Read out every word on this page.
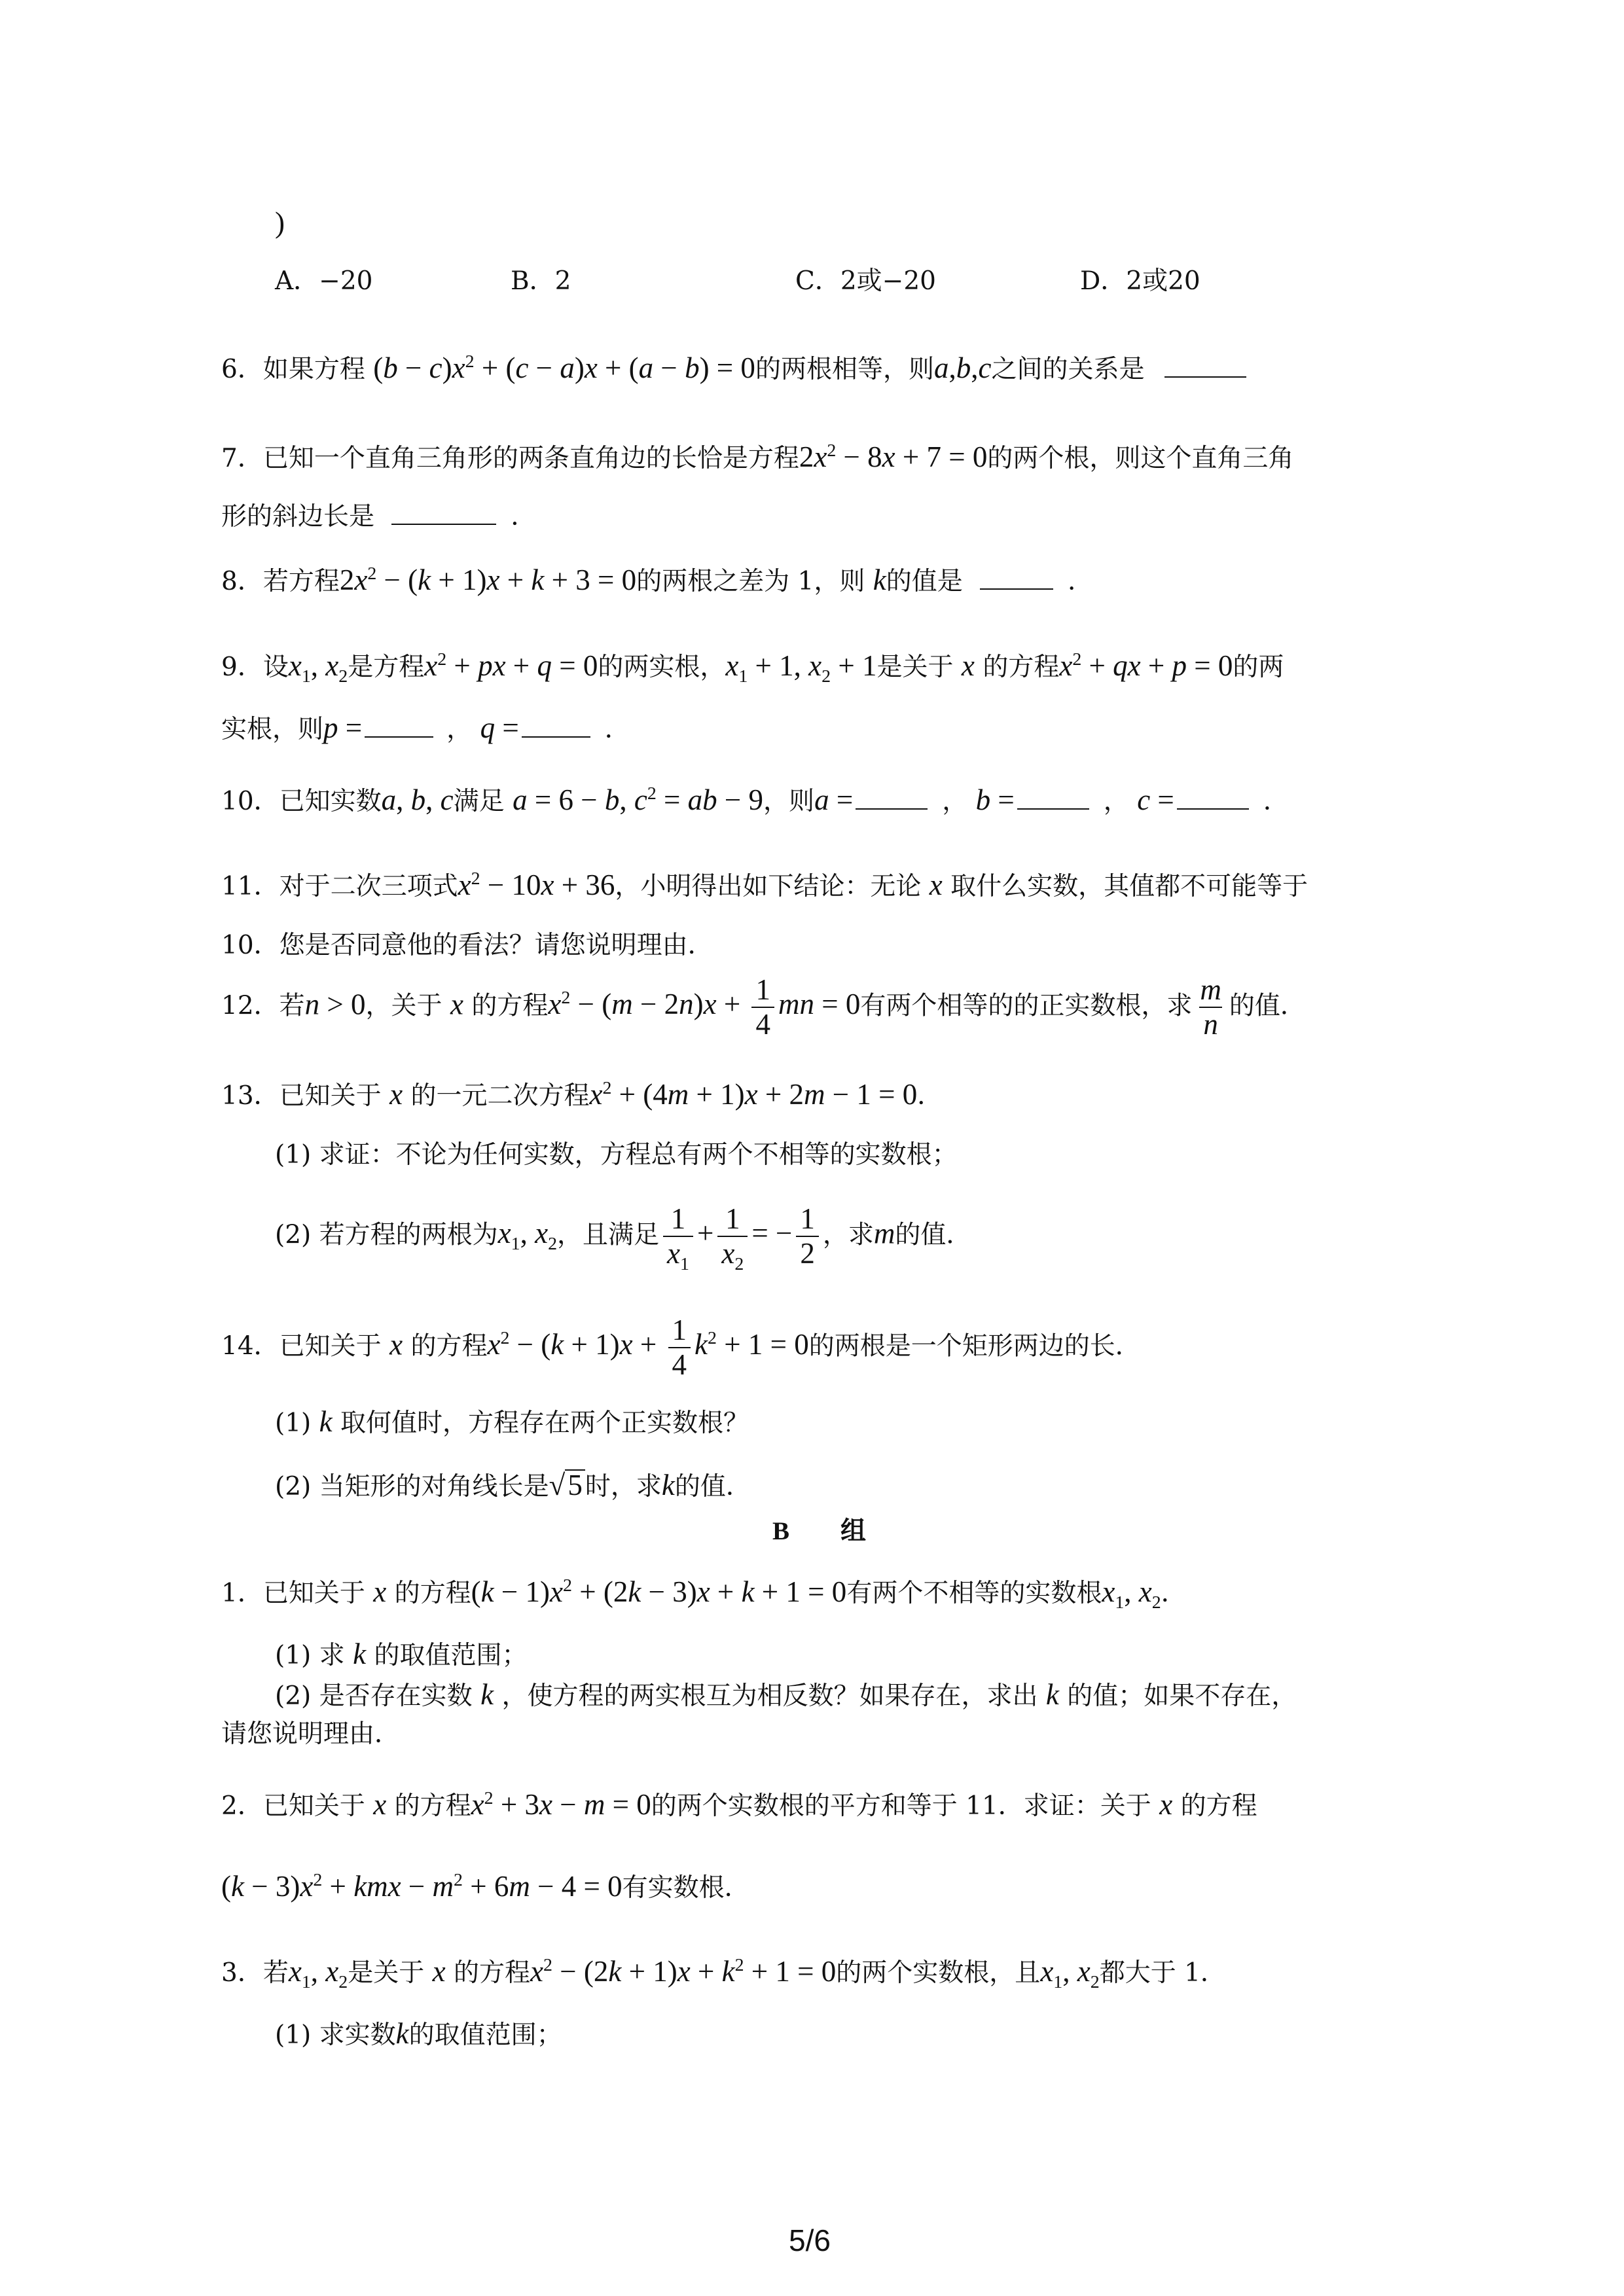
)
A．−20	B．2	C．2或−20	D．2或20
6．如果方程 $(b - c)x^2 + (c - a)x + (a - b) = 0$的两根相等，则a,b,c之间的关系是
7．已知一个直角三角形的两条直角边的长恰是方程$2x^2 - 8x + 7 = 0$的两个根，则这个直角三角
形的斜边长是	．
8．若方程$2x^2 - (k + 1)x + k + 3 = 0$的两根之差为 1，则 k的值是	．
9．设$x_1$, $x_2$是方程$x^2$ + px + q = 0的两实根，$x_1 + 1$, $x_2 + 1$是关于 x 的方程$x^2$ + qx + p = 0的两
实根，则p =	， q =	．
10．已知实数a, b, c满足 a = 6 − b, $c^2$ = ab − 9，则a =	， b =	， c =	．
11．对于二次三项式$x^2 - 10x + 36$，小明得出如下结论：无论 x 取什么实数，其值都不可能等于
10．您是否同意他的看法？请您说明理由．
12．若n > 0，关于 x 的方程$x^2 - (m - 2n)x + \frac{1}{4}$ mn = 0有两个相等的的正实数根，求 $\frac{m}{n}$ 的值．
13．已知关于 x 的一元二次方程$x^2 + (4m + 1)x + 2m - 1 = 0$．
(1) 求证：不论为任何实数，方程总有两个不相等的实数根；
(2) 若方程的两根为$x_1$, $x_2$，且满足 $\frac{1}{x_1} + \frac{1}{x_2}$ = − $\frac{1}{2}$ ，求m的值．
14．已知关于 x 的方程$x^2 - (k + 1)x + \frac{1}{4} k^2 + 1 = 0$的两根是一个矩形两边的长．
(1) k 取何值时，方程存在两个正实数根？
(2) 当矩形的对角线长是√ 5 时，求k的值．
B　　组
1．已知关于 x 的方程$(k - 1)x^2 + (2k - 3)x + k + 1 = 0$有两个不相等的实数根$x_1$, $x_2$．
(1) 求 k 的取值范围；
(2) 是否存在实数 k ，使方程的两实根互为相反数？如果存在，求出 k 的值；如果不存在，
请您说明理由．
2．已知关于 x 的方程$x^2 + 3x - m = 0$的两个实数根的平方和等于 11．求证：关于 x 的方程
$(k - 3)x^2$ + kmx − $m^2 + 6m - 4 = 0$有实数根．
3．若$x_1$, $x_2$是关于 x 的方程$x^2 - (2k + 1)x + k^2 + 1 = 0$的两个实数根，且$x_1$, $x_2$都大于 1．
(1) 求实数k的取值范围；
5/6
